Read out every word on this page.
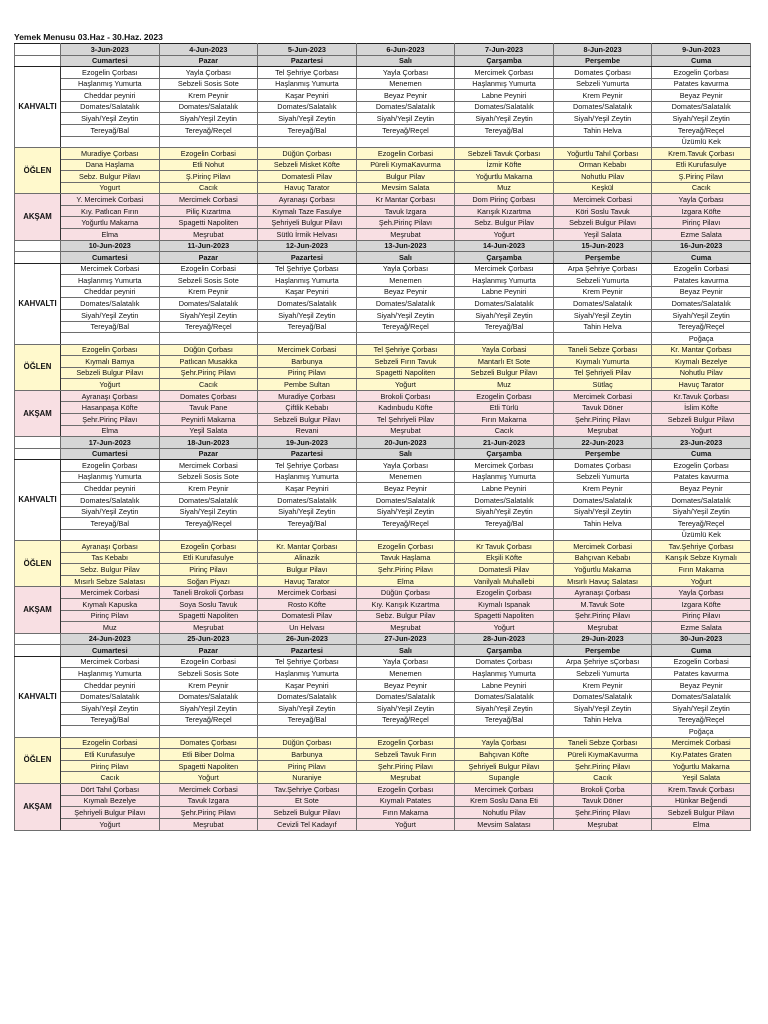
Yemek Menusu 03.Haz - 30.Haz. 2023
	3-Jun-2023	4-Jun-2023	5-Jun-2023	6-Jun-2023	7-Jun-2023	8-Jun-2023	9-Jun-2023
	Cumartesi	Pazar	Pazartesi	Salı	Çarşamba	Perşembe	Cuma
KAHVALTI	Ezogelin Çorbası	Yayla Çorbası	Tel Şehriye Çorbası	Yayla Çorbası	Mercimek Çorbası	Domates Çorbası	Ezogelin Çorbası
	Haşlanmış Yumurta	Sebzeli Sosis Sote	Haşlanmış Yumurta	Menemen	Haşlanmış Yumurta	Sebzeli Yumurta	Patates kavurma
	Cheddar peyniri	Krem Peynir	Kaşar Peyniri	Beyaz Peynir	Labne Peyniri	Krem Peynir	Beyaz Peynir
	Domates/Salatalık	Domates/Salatalık	Domates/Salatalık	Domates/Salatalık	Domates/Salatalık	Domates/Salatalık	Domates/Salatalık
	Siyah/Yeşil Zeytin	Siyah/Yeşil Zeytin	Siyah/Yeşil Zeytin	Siyah/Yeşil Zeytin	Siyah/Yeşil Zeytin	Siyah/Yeşil Zeytin	Siyah/Yeşil Zeytin
	Tereyağ/Bal	Tereyağ/Reçel	Tereyağ/Bal	Tereyağ/Reçel	Tereyağ/Bal	Tahin Helva	Tereyağ/Reçel
							Üzümlü Kek
ÖĞLEN	Muradiye Çorbası	Ezogelin Corbasi	Düğün Çorbası	Ezogelin Corbasi	Sebzeli Tavuk Çorbası	Yoğurtlu Tahıl Çorbası	Krem.Tavuk Çorbası
	Dana Haşlama	Etli Nohut	Sebzeli Misket Köfte	Püreli KıymaKavurma	İzmir Köfte	Orman Kebabı	Etli Kurufasulye
	Sebz. Bulgur Pilavı	Ş.Pirinç Pilavı	Domatesli Pilav	Bulgur Pilav	Yoğurtlu Makarna	Nohutlu Pilav	Ş.Pirinç Pilavı
	Yogurt	Cacık	Havuç Tarator	Mevsim Salata	Muz	Keşkül	Cacık
AKŞAM	Y. Mercimek Corbasi	Mercimek Corbasi	Ayranaşı Çorbası	Kr Mantar Çorbası	Dom Pirinç Çorbası	Mercimek Corbasi	Yayla Çorbası
	Kıy. Patlıcan Fırın	Piliç Kızartma	Kıymalı Taze Fasulye	Tavuk Izgara	Karışık Kızartma	Köri Soslu Tavuk	Izgara Köfte
	Yoğurtlu Makarna	Spagetti Napoliten	Şehriyeli Bulgur Pilavı	Şeh.Pirinç Pilavı	Sebz. Bulgur Pilav	Sebzeli Bulgur Pilavı	Pirinç Pilavı
	Elma	Meşrubat	Sütlü İrmik Helvası	Meşrubat	Yoğurt	Yeşil Salata	Ezme Salata
	10-Jun-2023	11-Jun-2023	12-Jun-2023	13-Jun-2023	14-Jun-2023	15-Jun-2023	16-Jun-2023
	Cumartesi	Pazar	Pazartesi	Salı	Çarşamba	Perşembe	Cuma
KAHVALTI	Mercimek Corbasi	Ezogelin Corbasi	Tel Şehriye Çorbası	Yayla Çorbası	Mercimek Çorbası	Arpa Şehriye Çorbası	Ezogelin Corbasi
	Haşlanmış Yumurta	Sebzeli Sosis Sote	Haşlanmış Yumurta	Menemen	Haşlanmış Yumurta	Sebzeli Yumurta	Patates kavurma
	Cheddar peyniri	Krem Peynir	Kaşar Peyniri	Beyaz Peynir	Labne Peyniri	Krem Peynir	Beyaz Peynir
	Domates/Salatalık	Domates/Salatalık	Domates/Salatalık	Domates/Salatalık	Domates/Salatalık	Domates/Salatalık	Domates/Salatalık
	Siyah/Yeşil Zeytin	Siyah/Yeşil Zeytin	Siyah/Yeşil Zeytin	Siyah/Yeşil Zeytin	Siyah/Yeşil Zeytin	Siyah/Yeşil Zeytin	Siyah/Yeşil Zeytin
	Tereyağ/Bal	Tereyağ/Reçel	Tereyağ/Bal	Tereyağ/Reçel	Tereyağ/Bal	Tahin Helva	Tereyağ/Reçel
							Poğaça
ÖĞLEN	Ezogelin Çorbası	Düğün Çorbası	Mercimek Corbasi	Tel Şehriye Çorbası	Yayla Corbasi	Taneli Sebze Çorbası	Kr. Mantar Çorbası
	Kıymalı Bamya	Patlıcan Musakka	Barbunya	Sebzeli Fırın Tavuk	Mantarlı Et Sote	Kıymalı Yumurta	Kıymalı Bezelye
	Sebzeli Bulgur Pilavı	Şehr.Pirinç Pilavı	Pirinç Pilavı	Spagetti Napoliten	Sebzeli Bulgur Pilavı	Tel Şehriyeli Pilav	Nohutlu Pilav
	Yoğurt	Cacık	Pembe Sultan	Yoğurt	Muz	Sütlaç	Havuç Tarator
AKŞAM	Ayranaşı Çorbası	Domates Çorbası	Muradiye Çorbası	Brokoli Çorbası	Ezogelin Çorbası	Mercimek Corbasi	Kr.Tavuk Çorbası
	Hasanpaşa Köfte	Tavuk Pane	Çiftlik Kebabı	Kadınbudu Köfte	Etli Türlü	Tavuk Döner	İslim Köfte
	Şehr.Pirinç Pilavı	Peynirli Makarna	Sebzeli Bulgur Pilavı	Tel Şehriyeli Pilav	Fırın Makarna	Şehr.Pirinç Pilavı	Sebzeli Bulgur Pilavı
	Elma	Yeşil Salata	Revani	Meşrubat	Cacık	Meşrubat	Yoğurt
	17-Jun-2023	18-Jun-2023	19-Jun-2023	20-Jun-2023	21-Jun-2023	22-Jun-2023	23-Jun-2023
	Cumartesi	Pazar	Pazartesi	Salı	Çarşamba	Perşembe	Cuma
KAHVALTI	Ezogelin Çorbası	Mercimek Corbasi	Tel Şehriye Çorbası	Yayla Çorbası	Mercimek Çorbası	Domates Çorbası	Ezogelin Çorbası
	Haşlanmış Yumurta	Sebzeli Sosis Sote	Haşlanmış Yumurta	Menemen	Haşlanmış Yumurta	Sebzeli Yumurta	Patates kavurma
	Cheddar peyniri	Krem Peynir	Kaşar Peyniri	Beyaz Peynir	Labne Peyniri	Krem Peynir	Beyaz Peynir
	Domates/Salatalık	Domates/Salatalık	Domates/Salatalık	Domates/Salatalık	Domates/Salatalık	Domates/Salatalık	Domates/Salatalık
	Siyah/Yeşil Zeytin	Siyah/Yeşil Zeytin	Siyah/Yeşil Zeytin	Siyah/Yeşil Zeytin	Siyah/Yeşil Zeytin	Siyah/Yeşil Zeytin	Siyah/Yeşil Zeytin
	Tereyağ/Bal	Tereyağ/Reçel	Tereyağ/Bal	Tereyağ/Reçel	Tereyağ/Bal	Tahin Helva	Tereyağ/Reçel
							Üzümlü Kek
ÖĞLEN	Ayranaşı Çorbası	Ezogelin Çorbası	Kr. Mantar Çorbası	Ezogelin Çorbası	Kr Tavuk Çorbası	Mercimek Corbasi	Tav.Şehriye Çorbası
	Tas Kebabı	Etli Kurufasulye	Alinazik	Tavuk Haşlama	Ekşili Köfte	Bahçıvan Kebabı	Karışık Sebze Kıymalı
	Sebz. Bulgur Pilav	Pirinç Pilavı	Bulgur Pilavı	Şehr.Pirinç Pilavı	Domatesli Pilav	Yoğurtlu Makarna	Fırın Makarna
	Mısırlı Sebze Salatası	Soğan Piyazı	Havuç Tarator	Elma	Vanilyalı Muhallebi	Mısırlı Havuç Salatası	Yoğurt
AKŞAM	Mercimek Corbasi	Taneli Brokoli Çorbası	Mercimek Corbasi	Düğün Çorbası	Ezogelin Çorbası	Ayranaşı Çorbası	Yayla Çorbası
	Kıymalı Kapuska	Soya Soslu Tavuk	Rosto Köfte	Kıy. Karışık Kızartma	Kıymalı Ispanak	M.Tavuk Sote	Izgara Köfte
	Pirinç Pilavı	Spagetti Napoliten	Domatesli Pilav	Sebz. Bulgur Pilav	Spagetti Napoliten	Şehr.Pirinç Pilavı	Pirinç Pilavı
	Muz	Meşrubat	Un Helvası	Meşrubat	Yoğurt	Meşrubat	Ezme Salata
	24-Jun-2023	25-Jun-2023	26-Jun-2023	27-Jun-2023	28-Jun-2023	29-Jun-2023	30-Jun-2023
	Cumartesi	Pazar	Pazartesi	Salı	Çarşamba	Perşembe	Cuma
KAHVALTI	Mercimek Corbasi	Ezogelin Corbasi	Tel Şehriye Çorbası	Yayla Çorbası	Domates Çorbası	Arpa Şehriye sÇorbası	Ezogelin Corbasi
	Haşlanmış Yumurta	Sebzeli Sosis Sote	Haşlanmış Yumurta	Menemen	Haşlanmış Yumurta	Sebzeli Yumurta	Patates kavurma
	Cheddar peyniri	Krem Peynir	Kaşar Peyniri	Beyaz Peynir	Labne Peyniri	Krem Peynir	Beyaz Peynir
	Domates/Salatalık	Domates/Salatalık	Domates/Salatalık	Domates/Salatalık	Domates/Salatalık	Domates/Salatalık	Domates/Salatalık
	Siyah/Yeşil Zeytin	Siyah/Yeşil Zeytin	Siyah/Yeşil Zeytin	Siyah/Yeşil Zeytin	Siyah/Yeşil Zeytin	Siyah/Yeşil Zeytin	Siyah/Yeşil Zeytin
	Tereyağ/Bal	Tereyağ/Reçel	Tereyağ/Bal	Tereyağ/Reçel	Tereyağ/Bal	Tahin Helva	Tereyağ/Reçel
							Poğaça
ÖĞLEN	Ezogelin Corbasi	Domates Çorbası	Düğün Çorbası	Ezogelin Çorbası	Yayla Çorbası	Taneli Sebze Çorbası	Mercimek Corbasi
	Etli Kurufasulye	Etli Biber Dolma	Barbunya	Sebzeli Tavuk Fırın	Bahçıvan Köfte	Püreli KıymaKavurma	Kıy.Patates Graten
	Pirinç Pilavı	Spagetti Napoliten	Pirinç Pilavı	Şehr.Pirinç Pilavı	Şehriyeli Bulgur Pilavı	Şehr.Pirinç Pilavı	Yoğurtlu Makarna
	Cacık	Yoğurt	Nuraniye	Meşrubat	Supangle	Cacık	Yeşil Salata
AKŞAM	Dört Tahıl Çorbası	Mercimek Corbasi	Tav.Şehriye Çorbası	Ezogelin Çorbası	Mercimek Çorbası	Brokoli Çorba	Krem.Tavuk Çorbası
	Kıymalı Bezelye	Tavuk Izgara	Et Sote	Kıymalı Patates	Krem Soslu Dana Eti	Tavuk Döner	Hünkar Beğendi
	Şehriyeli Bulgur Pilavı	Şehr.Pirinç Pilavı	Sebzeli Bulgur Pilavı	Fırın Makarna	Nohutlu Pilav	Şehr.Pirinç Pilavı	Sebzeli Bulgur Pilavı
	Yoğurt	Meşrubat	Cevizli Tel Kadayıf	Yoğurt	Mevsim Salatası	Meşrubat	Elma
